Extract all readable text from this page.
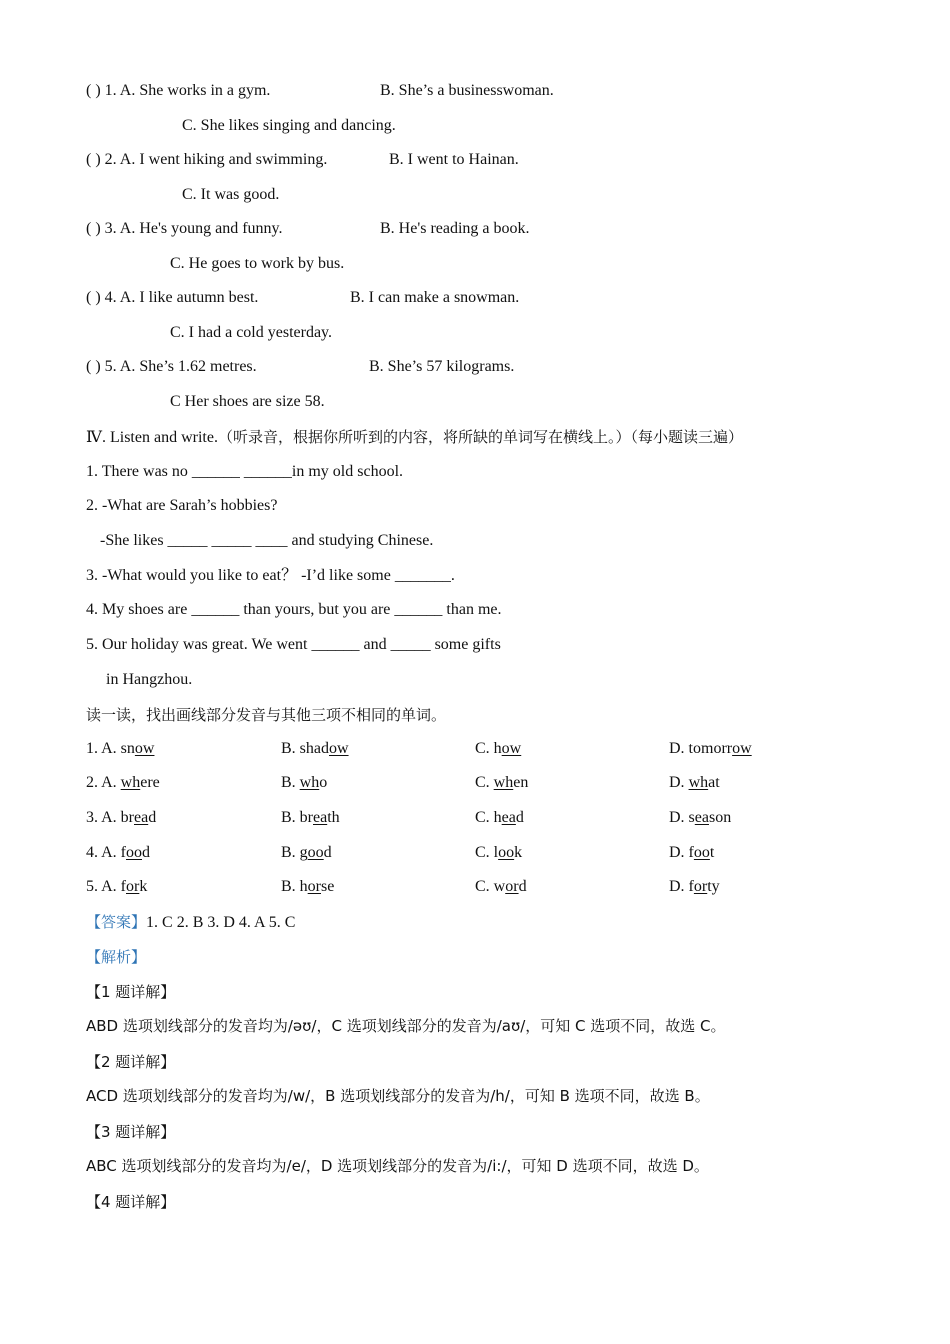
( ) 1. A. She works in a gym.	B. She’s a businesswoman.
C. She likes singing and dancing.
( ) 2. A. I went hiking and swimming.	B. I went to Hainan.
C. It was good.
( ) 3. A. He's young and funny.	B. He's reading a book.
C. He goes to work by bus.
( ) 4. A. I like autumn best.	B. I can make a snowman.
C. I had a cold yesterday.
( ) 5. A. She’s 1.62 metres.	B. She’s 57 kilograms.
C Her shoes are size 58.
Ⅳ. Listen and write.（听录音，根据你所听到的内容，将所缺的单词写在横线上。）（每小题读三遍）
1. There was no ______ ______in my old school.
2. -What are Sarah’s hobbies?
-She likes _____ _____ ____ and studying Chinese.
3. -What would you like to eat？ -I’d like some _______.
4. My shoes are ______ than yours, but you are ______ than me.
5. Our holiday was great. We went ______ and _____ some gifts
in Hangzhou.
读一读，找出画线部分发音与其他三项不相同的单词。
1. A. snow	B. shadow	C. how	D. tomorrow
2. A. where	B. who	C. when	D. what
3. A. bread	B. breath	C. head	D. season
4. A. food	B. good	C. look	D. foot
5. A. fork	B. horse	C. word	D. forty
【答案】1. C 2. B 3. D 4. A 5. C
【解析】
【1 题详解】
ABD 选项划线部分的发音均为/əʊ/，C 选项划线部分的发音为/aʊ/，可知 C 选项不同，故选 C。
【2 题详解】
ACD 选项划线部分的发音均为/w/，B 选项划线部分的发音为/h/，可知 B 选项不同，故选 B。
【3 题详解】
ABC 选项划线部分的发音均为/e/，D 选项划线部分的发音为/i:/，可知 D 选项不同，故选 D。
【4 题详解】
